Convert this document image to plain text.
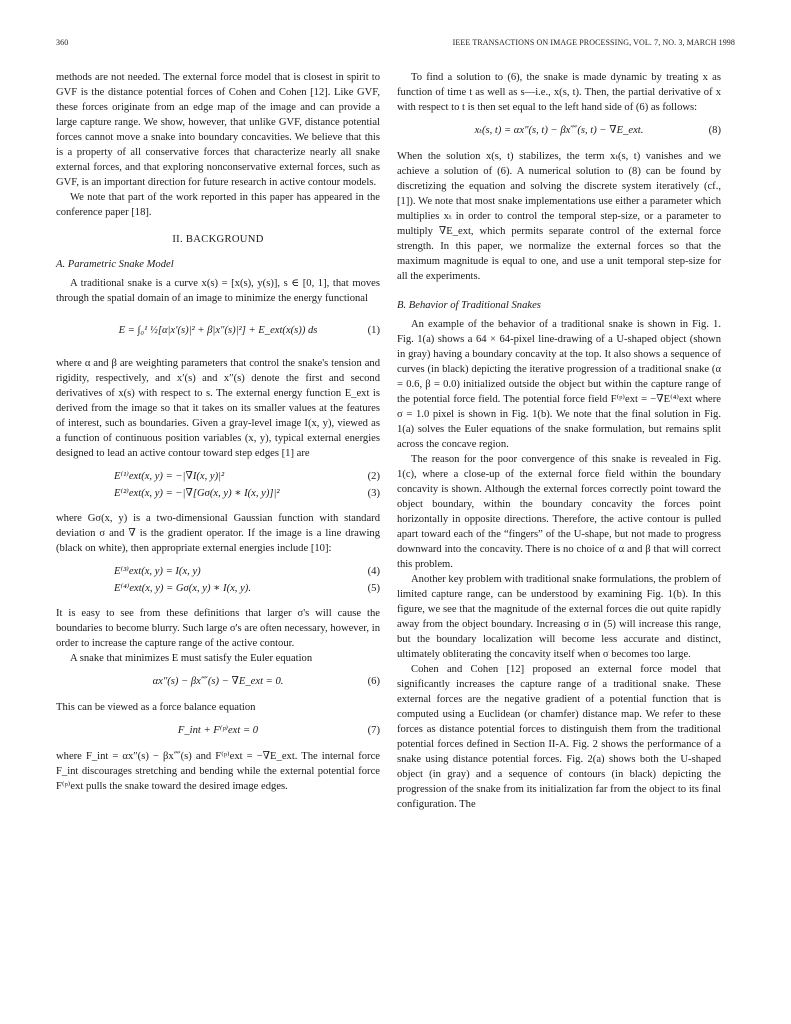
360	IEEE TRANSACTIONS ON IMAGE PROCESSING, VOL. 7, NO. 3, MARCH 1998

methods are not needed. The external force model that is closest in spirit to GVF is the distance potential forces of Cohen and Cohen [12]. Like GVF, these forces originate from an edge map of the image and can provide a large capture range. We show, however, that unlike GVF, distance potential forces cannot move a snake into boundary concavities. We believe that this is a property of all conservative forces that characterize nearly all snake external forces, and that exploring nonconservative external forces, such as GVF, is an important direction for future research in active contour models.

We note that part of the work reported in this paper has appeared in the conference paper [18].

II. BACKGROUND
A. Parametric Snake Model

A traditional snake is a curve x(s) = [x(s), y(s)], s ∈ [0, 1], that moves through the spatial domain of an image to minimize the energy functional

E = ∫₀¹ ½[α|x′(s)|² + β|x″(s)|²] + E_ext(x(s)) ds	(1)

where α and β are weighting parameters that control the snake's tension and rigidity, respectively, and x′(s) and x″(s) denote the first and second derivatives of x(s) with respect to s. The external energy function E_ext is derived from the image so that it takes on its smaller values at the features of interest, such as boundaries. Given a gray-level image I(x, y), viewed as a function of continuous position variables (x, y), typical external energies designed to lead an active contour toward step edges [1] are

E⁽¹⁾ext(x, y) = −|∇I(x, y)|²	(2)
E⁽²⁾ext(x, y) = −|∇[Gσ(x, y) ∗ I(x, y)]|²	(3)

where Gσ(x, y) is a two-dimensional Gaussian function with standard deviation σ and ∇ is the gradient operator. If the image is a line drawing (black on white), then appropriate external energies include [10]:

E⁽³⁾ext(x, y) = I(x, y)	(4)
E⁽⁴⁾ext(x, y) = Gσ(x, y) ∗ I(x, y).	(5)

It is easy to see from these definitions that larger σ's will cause the boundaries to become blurry. Such large σ's are often necessary, however, in order to increase the capture range of the active contour.

A snake that minimizes E must satisfy the Euler equation

αx″(s) − βx⁗(s) − ∇E_ext = 0.	(6)

This can be viewed as a force balance equation

F_int + F⁽ᵖ⁾ext = 0	(7)

where F_int = αx″(s) − βx⁗(s) and F⁽ᵖ⁾ext = −∇E_ext. The internal force F_int discourages stretching and bending while the external potential force F⁽ᵖ⁾ext pulls the snake toward the desired image edges.

To find a solution to (6), the snake is made dynamic by treating x as function of time t as well as s—i.e., x(s, t). Then, the partial derivative of x with respect to t is then set equal to the left hand side of (6) as follows:

xₜ(s, t) = αx″(s, t) − βx⁗(s, t) − ∇E_ext.	(8)

When the solution x(s, t) stabilizes, the term xₜ(s, t) vanishes and we achieve a solution of (6). A numerical solution to (8) can be found by discretizing the equation and solving the discrete system iteratively (cf., [1]). We note that most snake implementations use either a parameter which multiplies xₜ in order to control the temporal step-size, or a parameter to multiply ∇E_ext, which permits separate control of the external force strength. In this paper, we normalize the external forces so that the maximum magnitude is equal to one, and use a unit temporal step-size for all the experiments.

B. Behavior of Traditional Snakes

An example of the behavior of a traditional snake is shown in Fig. 1. Fig. 1(a) shows a 64 × 64-pixel line-drawing of a U-shaped object (shown in gray) having a boundary concavity at the top. It also shows a sequence of curves (in black) depicting the iterative progression of a traditional snake (α = 0.6, β = 0.0) initialized outside the object but within the capture range of the potential force field. The potential force field F⁽ᵖ⁾ext = −∇E⁽⁴⁾ext where σ = 1.0 pixel is shown in Fig. 1(b). We note that the final solution in Fig. 1(a) solves the Euler equations of the snake formulation, but remains split across the concave region.

The reason for the poor convergence of this snake is revealed in Fig. 1(c), where a close-up of the external force field within the boundary concavity is shown. Although the external forces correctly point toward the object boundary, within the boundary concavity the forces point horizontally in opposite directions. Therefore, the active contour is pulled apart toward each of the “fingers” of the U-shape, but not made to progress downward into the concavity. There is no choice of α and β that will correct this problem.

Another key problem with traditional snake formulations, the problem of limited capture range, can be understood by examining Fig. 1(b). In this figure, we see that the magnitude of the external forces die out quite rapidly away from the object boundary. Increasing σ in (5) will increase this range, but the boundary localization will become less accurate and distinct, ultimately obliterating the concavity itself when σ becomes too large.

Cohen and Cohen [12] proposed an external force model that significantly increases the capture range of a traditional snake. These external forces are the negative gradient of a potential function that is computed using a Euclidean (or chamfer) distance map. We refer to these forces as distance potential forces to distinguish them from the traditional potential forces defined in Section II-A. Fig. 2 shows the performance of a snake using distance potential forces. Fig. 2(a) shows both the U-shaped object (in gray) and a sequence of contours (in black) depicting the progression of the snake from its initialization far from the object to its final configuration. The
